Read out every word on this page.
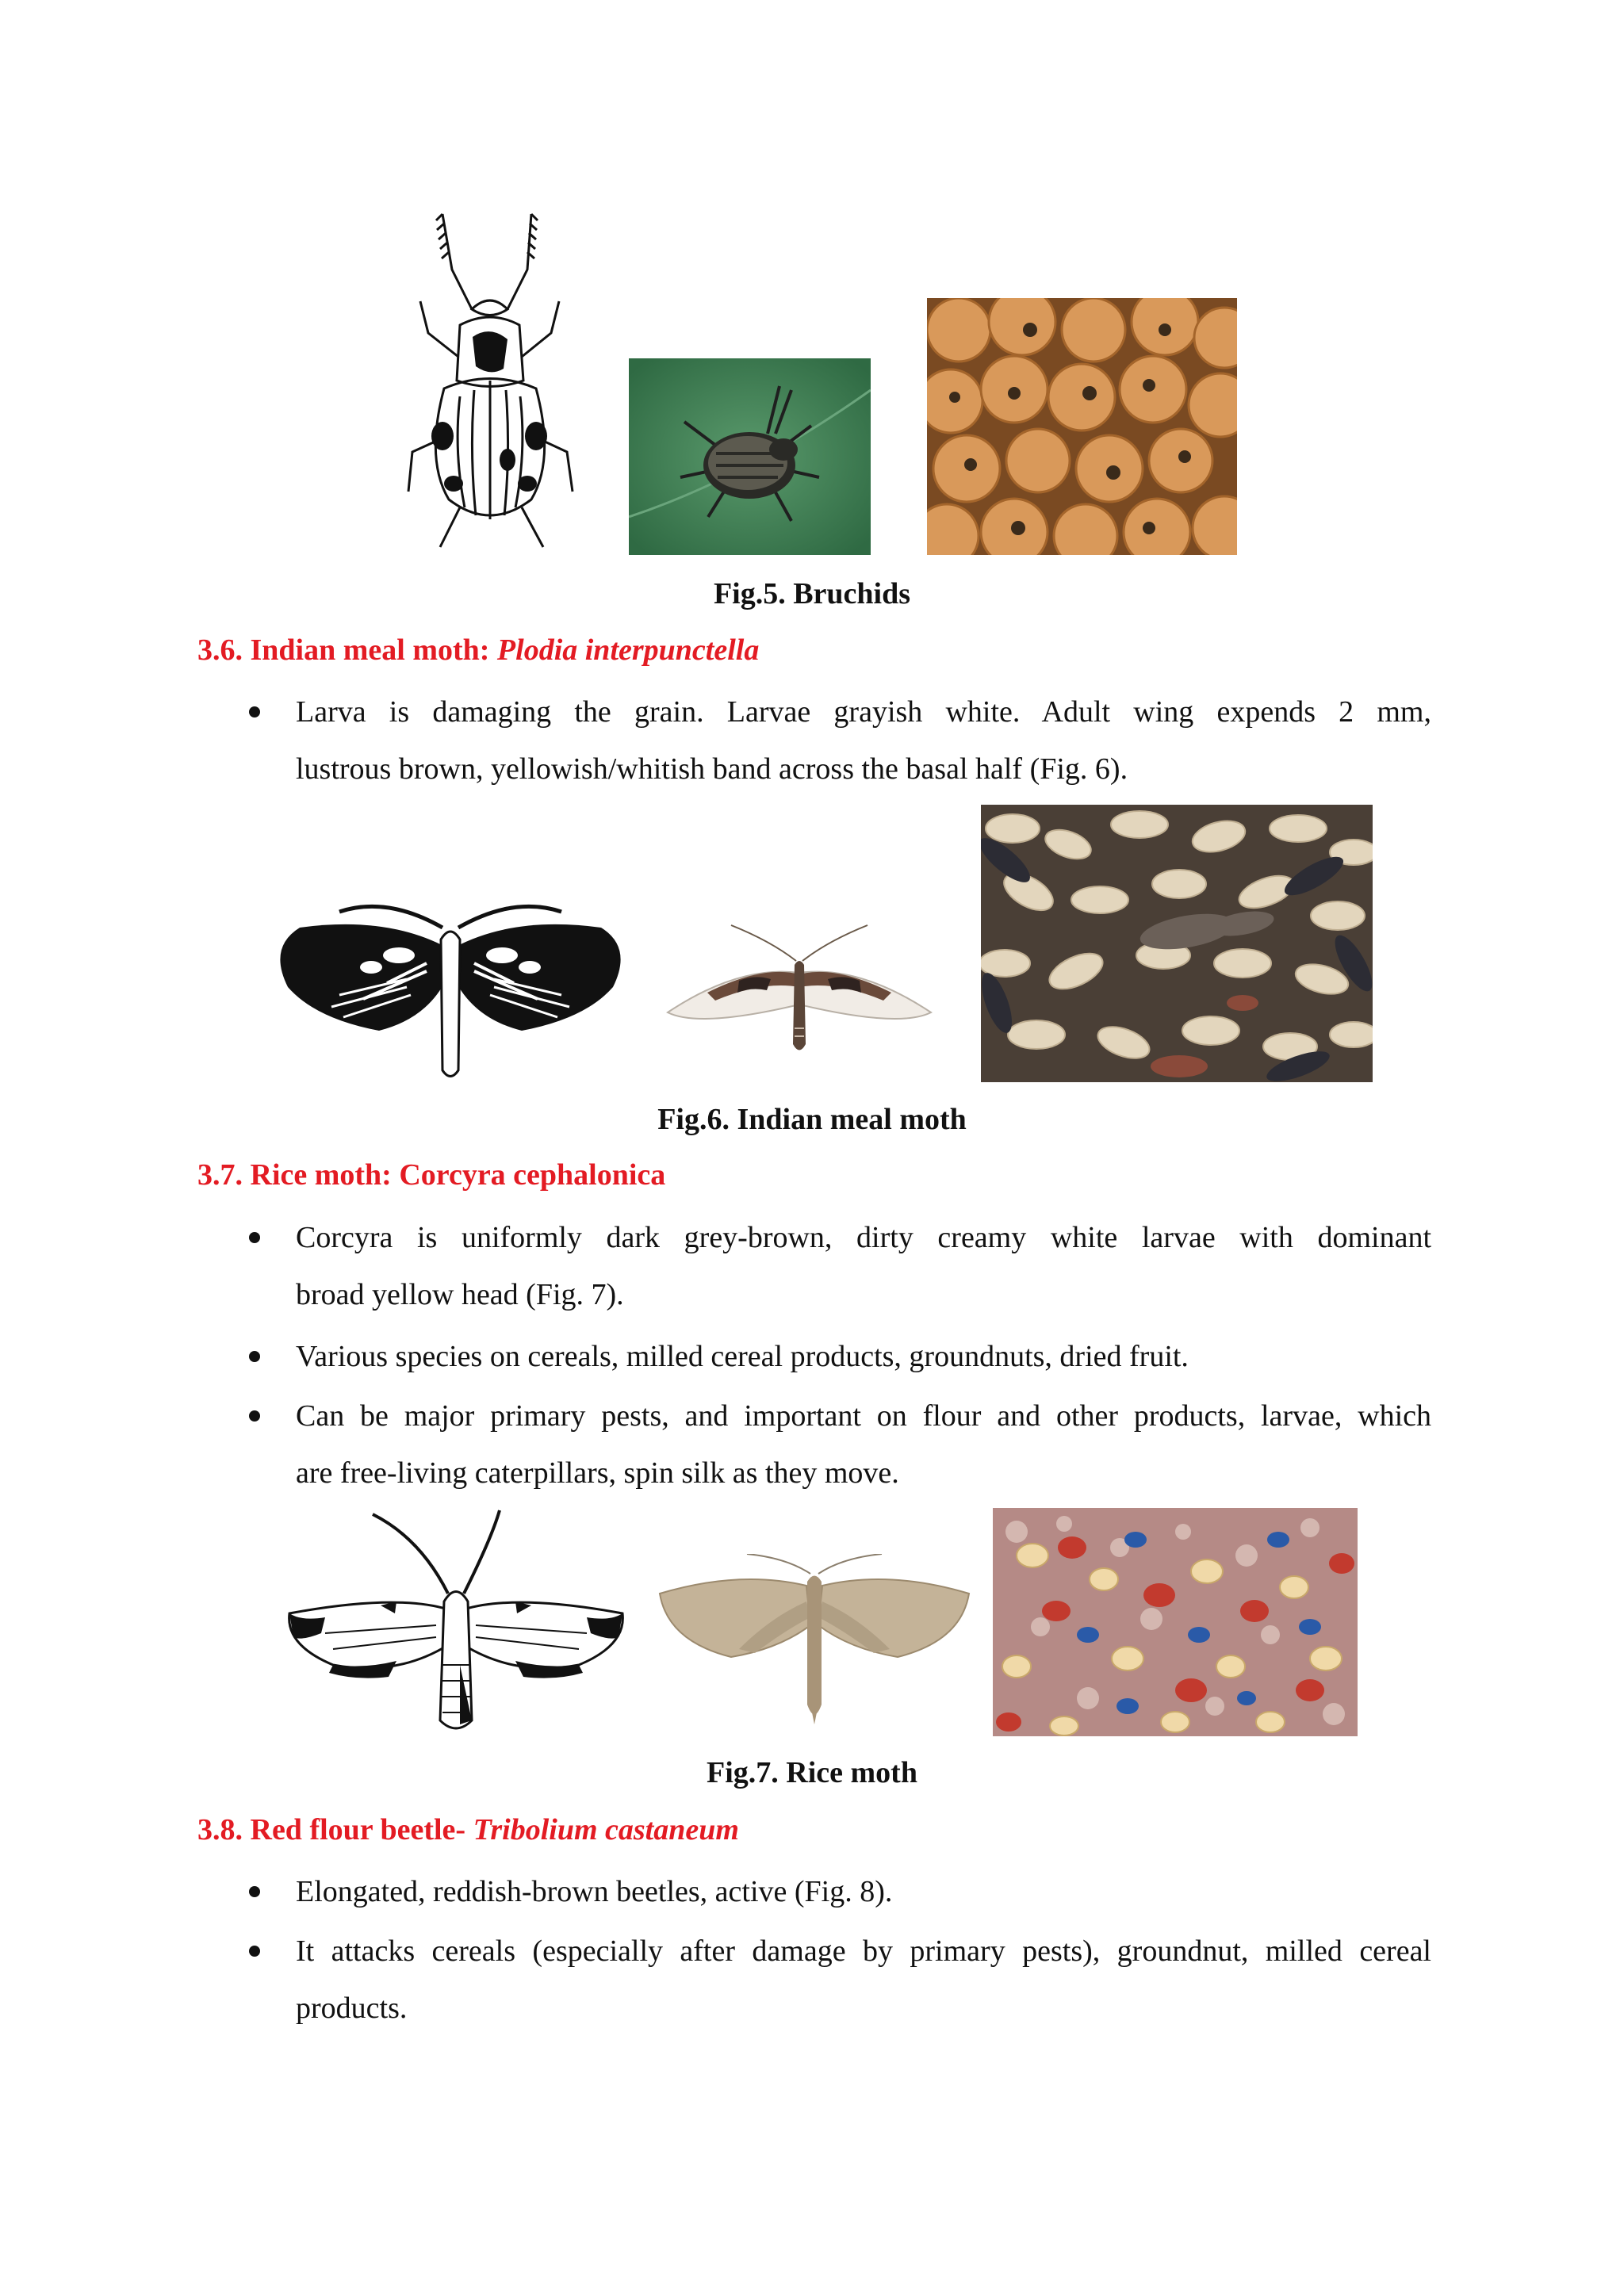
Fig.5. Bruchids
3.6. Indian meal moth: Plodia interpunctella
Larva is damaging the grain. Larvae grayish white. Adult wing expends 2 mm,
lustrous brown, yellowish/whitish band across the basal half (Fig. 6).
Fig.6. Indian meal moth
3.7. Rice moth: Corcyra cephalonica
Corcyra is uniformly dark grey-brown, dirty creamy white larvae with dominant
broad yellow head (Fig. 7).
Various species on cereals, milled cereal products, groundnuts, dried fruit.
Can be major primary pests, and important on flour and other products, larvae, which
are free-living caterpillars, spin silk as they move.
Fig.7. Rice moth
3.8. Red flour beetle- Tribolium castaneum
Elongated, reddish-brown beetles, active (Fig. 8).
It attacks cereals (especially after damage by primary pests), groundnut, milled cereal
products.
